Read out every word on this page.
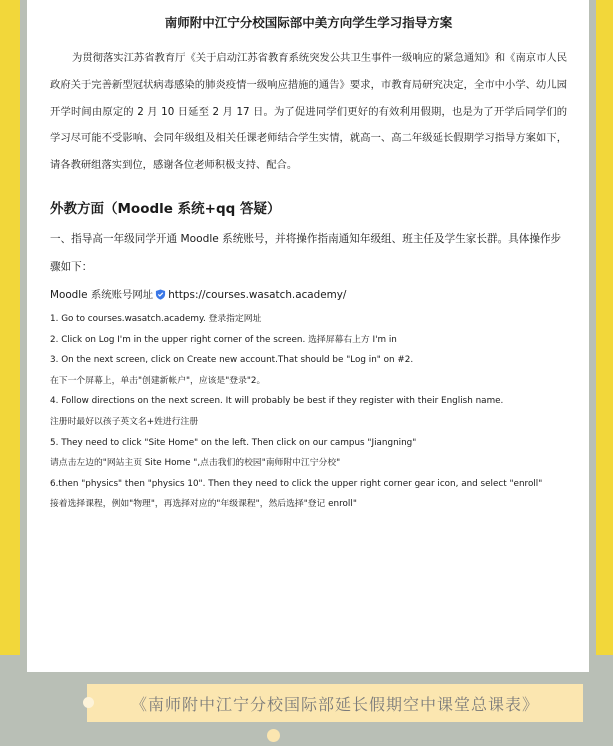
南师附中江宁分校国际部中美方向学生学习指导方案

为贯彻落实江苏省教育厅《关于启动江苏省教育系统突发公共卫生事件一级响应的紧急通知》和《南京市人民政府关于完善新型冠状病毒感染的肺炎疫情一级响应措施的通告》要求，市教育局研究决定，全市中小学、幼儿园开学时间由原定的 2 月 10 日延至 2 月 17 日。为了促进同学们更好的有效利用假期，也是为了开学后同学们的学习尽可能不受影响、会同年级组及相关任课老师结合学生实情，就高一、高二年级延长假期学习指导方案如下，请各教研组落实到位，感谢各位老师积极支持、配合。

外教方面（Moodle 系统+qq 答疑）

一、指导高一年级同学开通 Moodle 系统账号，并将操作指南通知年级组、班主任及学生家长群。具体操作步骤如下：

Moodle 系统账号网址 https://courses.wasatch.academy/

1. Go to courses.wasatch.academy. 登录指定网址

2. Click on Log I'm in the upper right corner of the screen. 选择屏幕右上方 I'm in

3. On the next screen, click on Create new account.That should be "Log in" on #2.

在下一个屏幕上，单击"创建新帐户"，应该是"登录"2。

4. Follow directions on the next screen. It will probably be best if they register with their English name.

注册时最好以孩子英文名+姓进行注册

5. They need to click "Site Home" on the left. Then click on our campus "Jiangning"

请点击左边的"网站主页 Site Home ",点击我们的校园"南师附中江宁分校"

6.then "physics" then "physics 10". Then they need to click the upper right corner gear icon, and select "enroll"

接着选择课程，例如"物理"，再选择对应的"年级课程"，然后选择"登记 enroll"

《南师附中江宁分校国际部延长假期空中课堂总课表》
